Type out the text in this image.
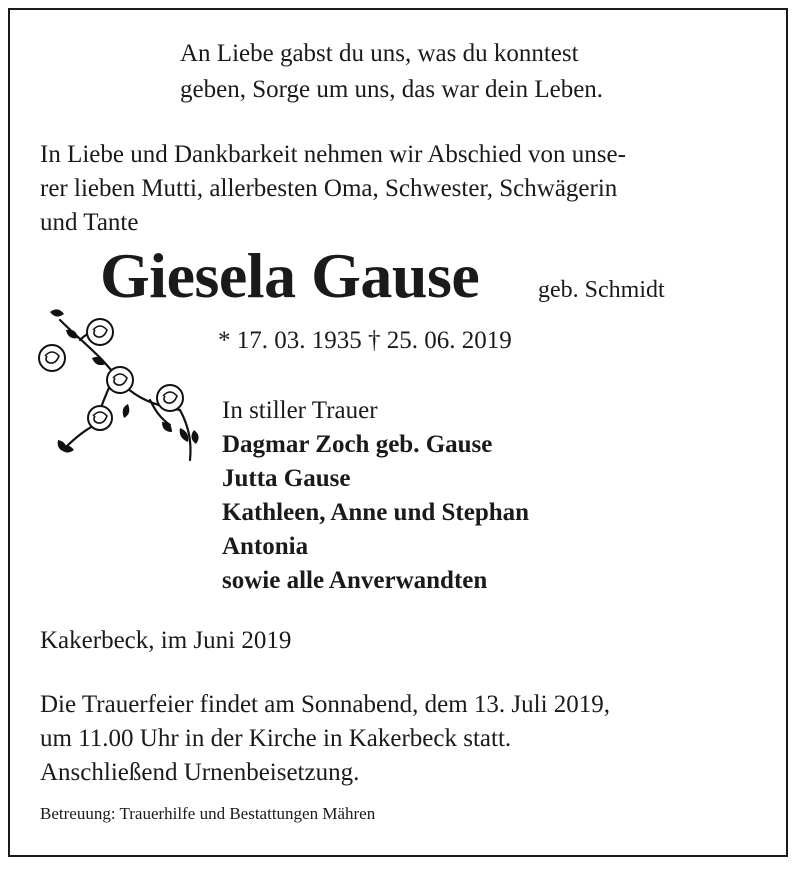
An Liebe gabst du uns, was du konntest
geben, Sorge um uns, das war dein Leben.
In Liebe und Dankbarkeit nehmen wir Abschied von unse-
rer lieben Mutti, allerbesten Oma, Schwester, Schwägerin
und Tante
Giesela Gause geb. Schmidt
* 17. 03. 1935 † 25. 06. 2019
In stiller Trauer
Dagmar Zoch geb. Gause
Jutta Gause
Kathleen, Anne und Stephan
Antonia
sowie alle Anverwandten
Kakerbeck, im Juni 2019
Die Trauerfeier findet am Sonnabend, dem 13. Juli 2019,
um 11.00 Uhr in der Kirche in Kakerbeck statt.
Anschließend Urnenbeisetzung.
Betreuung: Trauerhilfe und Bestattungen Mähren
